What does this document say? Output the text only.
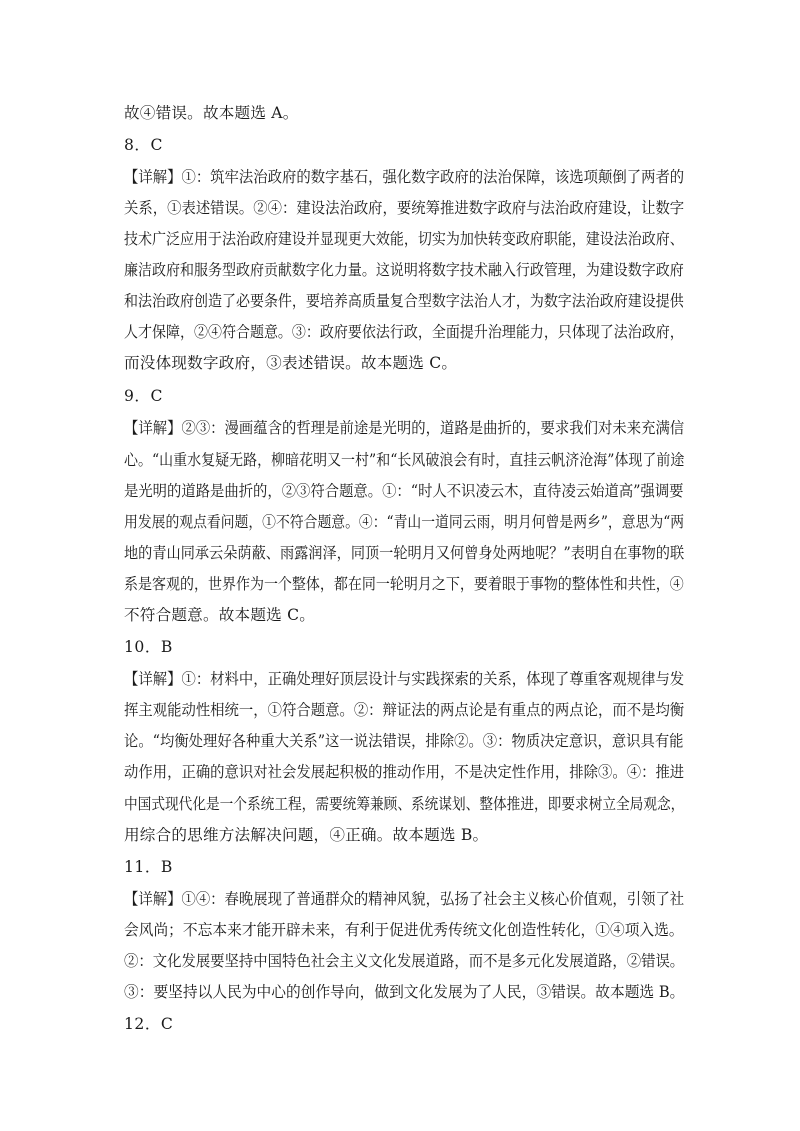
故④错误。故本题选 A。
8．C
【详解】①：筑牢法治政府的数字基石，强化数字政府的法治保障，该选项颠倒了两者的
关系，①表述错误。②④：建设法治政府，要统筹推进数字政府与法治政府建设，让数字
技术广泛应用于法治政府建设并显现更大效能，切实为加快转变政府职能，建设法治政府、
廉洁政府和服务型政府贡献数字化力量。这说明将数字技术融入行政管理，为建设数字政府
和法治政府创造了必要条件，要培养高质量复合型数字法治人才，为数字法治政府建设提供
人才保障，②④符合题意。③：政府要依法行政，全面提升治理能力，只体现了法治政府，
而没体现数字政府，③表述错误。故本题选 C。
9．C
【详解】②③：漫画蕴含的哲理是前途是光明的，道路是曲折的，要求我们对未来充满信
心。“山重水复疑无路，柳暗花明又一村”和“长风破浪会有时，直挂云帆济沧海”体现了前途
是光明的道路是曲折的，②③符合题意。①：“时人不识凌云木，直待凌云始道高”强调要
用发展的观点看问题，①不符合题意。④：“青山一道同云雨，明月何曾是两乡”，意思为“两
地的青山同承云朵荫蔽、雨露润泽，同顶一轮明月又何曾身处两地呢？”表明自在事物的联
系是客观的，世界作为一个整体，都在同一轮明月之下，要着眼于事物的整体性和共性，④
不符合题意。故本题选 C。
10．B
【详解】①：材料中，正确处理好顶层设计与实践探索的关系，体现了尊重客观规律与发
挥主观能动性相统一，①符合题意。②：辩证法的两点论是有重点的两点论，而不是均衡
论。“均衡处理好各种重大关系”这一说法错误，排除②。③：物质决定意识，意识具有能
动作用，正确的意识对社会发展起积极的推动作用，不是决定性作用，排除③。④：推进
中国式现代化是一个系统工程，需要统筹兼顾、系统谋划、整体推进，即要求树立全局观念，
用综合的思维方法解决问题，④正确。故本题选 B。
11．B
【详解】①④：春晚展现了普通群众的精神风貌，弘扬了社会主义核心价值观，引领了社
会风尚；不忘本来才能开辟未来，有利于促进优秀传统文化创造性转化，①④项入选。
②：文化发展要坚持中国特色社会主义文化发展道路，而不是多元化发展道路，②错误。
③：要坚持以人民为中心的创作导向，做到文化发展为了人民，③错误。故本题选 B。
12．C
